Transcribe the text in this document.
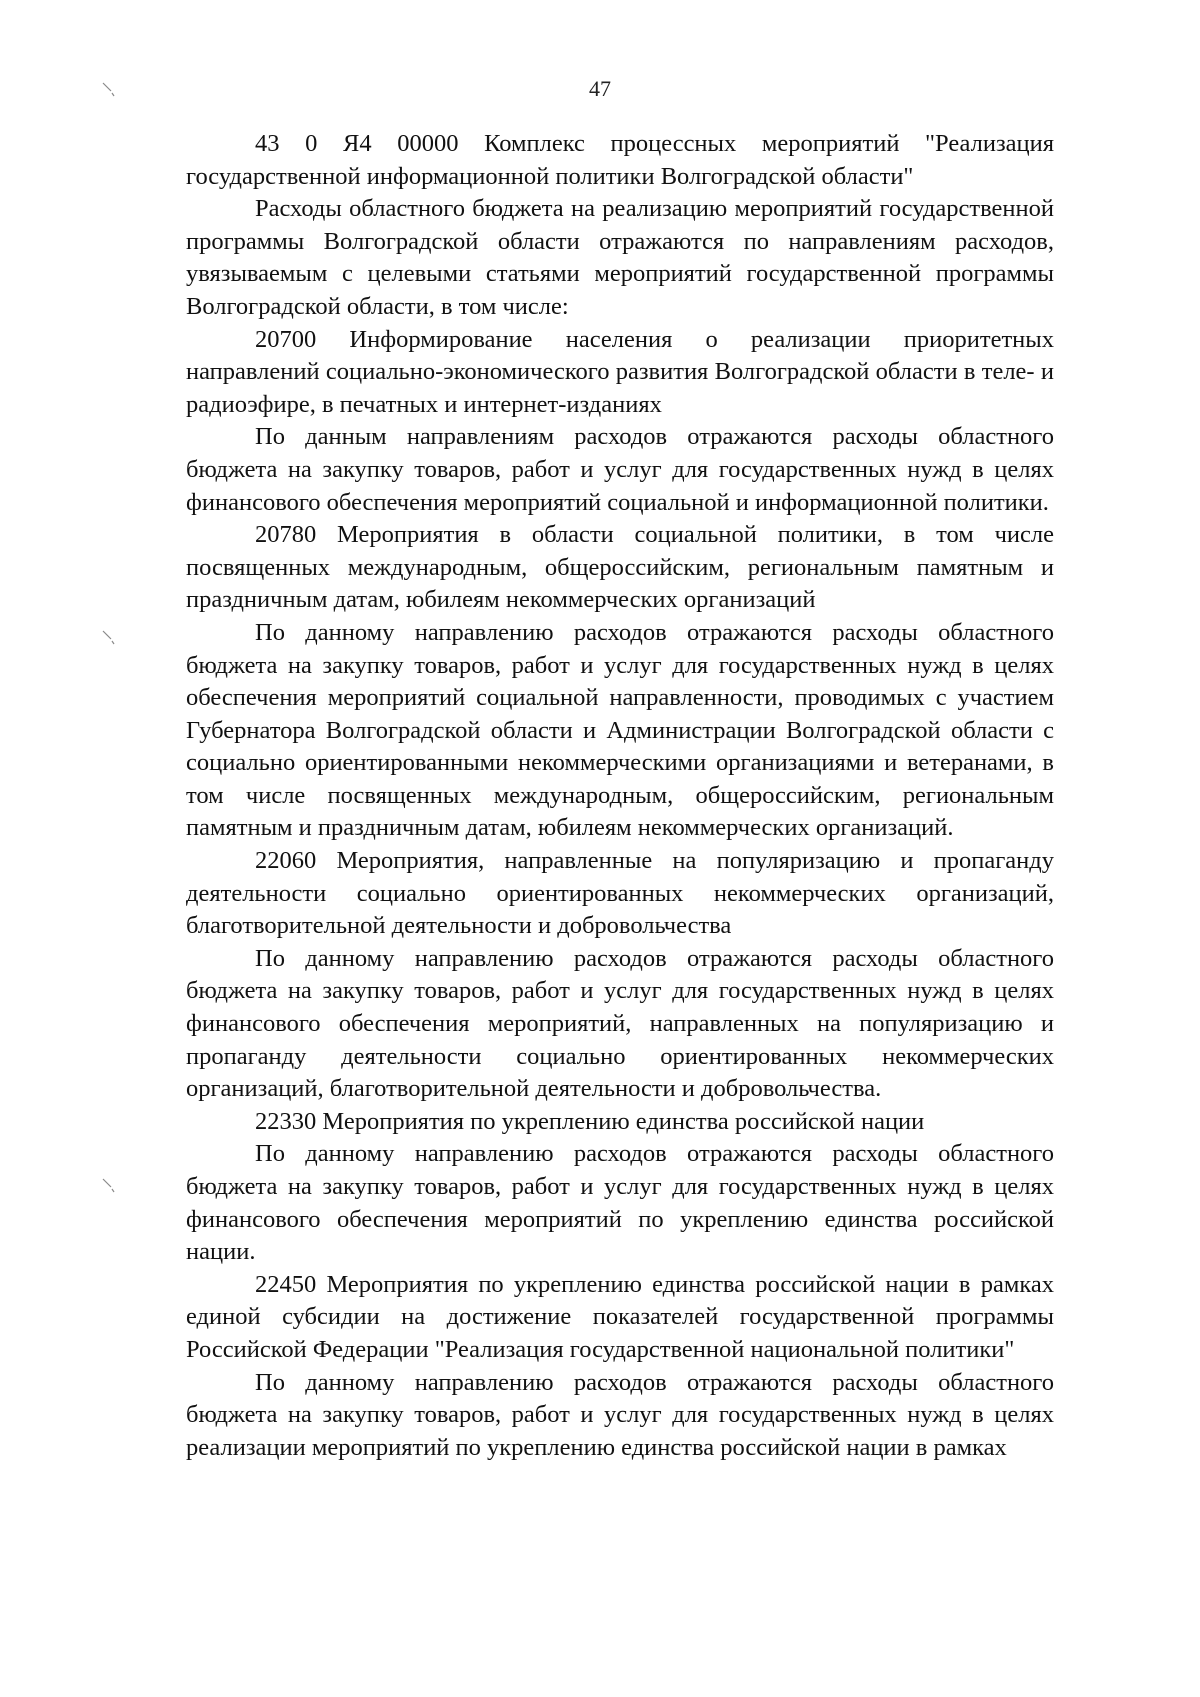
47

43 0 Я4 00000 Комплекс процессных мероприятий "Реализация государственной информационной политики Волгоградской области"

Расходы областного бюджета на реализацию мероприятий государственной программы Волгоградской области отражаются по направлениям расходов, увязываемым с целевыми статьями мероприятий государственной программы Волгоградской области, в том числе:

20700 Информирование населения о реализации приоритетных направлений социально-экономического развития Волгоградской области в теле- и радиоэфире, в печатных и интернет-изданиях

По данным направлениям расходов отражаются расходы областного бюджета на закупку товаров, работ и услуг для государственных нужд в целях финансового обеспечения мероприятий социальной и информационной политики.

20780 Мероприятия в области социальной политики, в том числе посвященных международным, общероссийским, региональным памятным и праздничным датам, юбилеям некоммерческих организаций

По данному направлению расходов отражаются расходы областного бюджета на закупку товаров, работ и услуг для государственных нужд в целях обеспечения мероприятий социальной направленности, проводимых с участием Губернатора Волгоградской области и Администрации Волгоградской области с социально ориентированными некоммерческими организациями и ветеранами, в том числе посвященных международным, общероссийским, региональным памятным и праздничным датам, юбилеям некоммерческих организаций.

22060 Мероприятия, направленные на популяризацию и пропаганду деятельности социально ориентированных некоммерческих организаций, благотворительной деятельности и добровольчества

По данному направлению расходов отражаются расходы областного бюджета на закупку товаров, работ и услуг для государственных нужд в целях финансового обеспечения мероприятий, направленных на популяризацию и пропаганду деятельности социально ориентированных некоммерческих организаций, благотворительной деятельности и добровольчества.

22330 Мероприятия по укреплению единства российской нации

По данному направлению расходов отражаются расходы областного бюджета на закупку товаров, работ и услуг для государственных нужд в целях финансового обеспечения мероприятий по укреплению единства российской нации.

22450 Мероприятия по укреплению единства российской нации в рамках единой субсидии на достижение показателей государственной программы Российской Федерации "Реализация государственной национальной политики"

По данному направлению расходов отражаются расходы областного бюджета на закупку товаров, работ и услуг для государственных нужд в целях реализации мероприятий по укреплению единства российской нации в рамках
